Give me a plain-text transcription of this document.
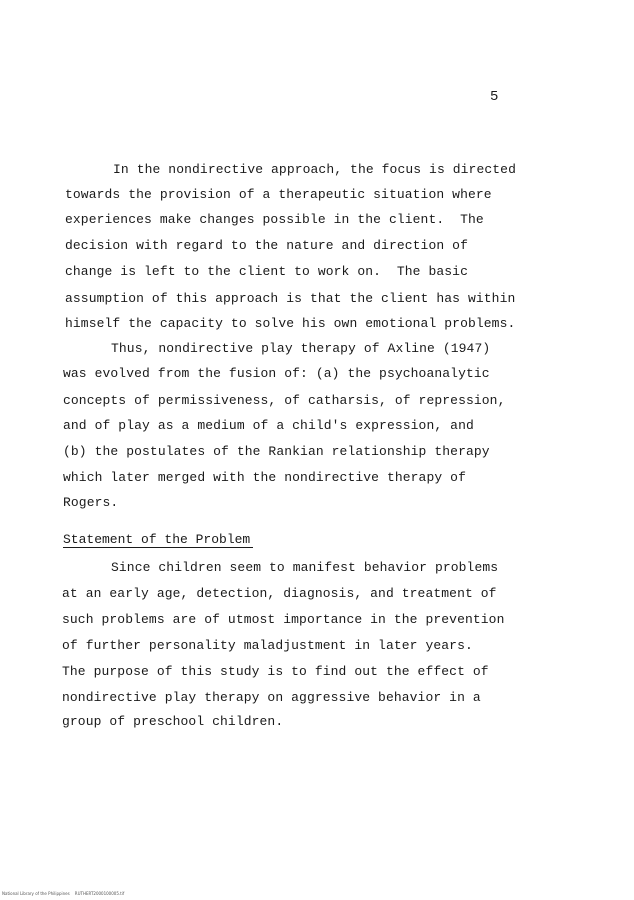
5
In the nondirective approach, the focus is directed
towards the provision of a therapeutic situation where
experiences make changes possible in the client.  The
decision with regard to the nature and direction of
change is left to the client to work on.  The basic
assumption of this approach is that the client has within
himself the capacity to solve his own emotional problems.
Thus, nondirective play therapy of Axline (1947)
was evolved from the fusion of: (a) the psychoanalytic
concepts of permissiveness, of catharsis, of repression,
and of play as a medium of a child's expression, and
(b) the postulates of the Rankian relationship therapy
which later merged with the nondirective therapy of
Rogers.
Statement of the Problem
Since children seem to manifest behavior problems
at an early age, detection, diagnosis, and treatment of
such problems are of utmost importance in the prevention
of further personality maladjustment in later years.
The purpose of this study is to find out the effect of
nondirective play therapy on aggressive behavior in a
group of preschool children.
National Library of the Philippines    RUTHERT2000100005.tif
